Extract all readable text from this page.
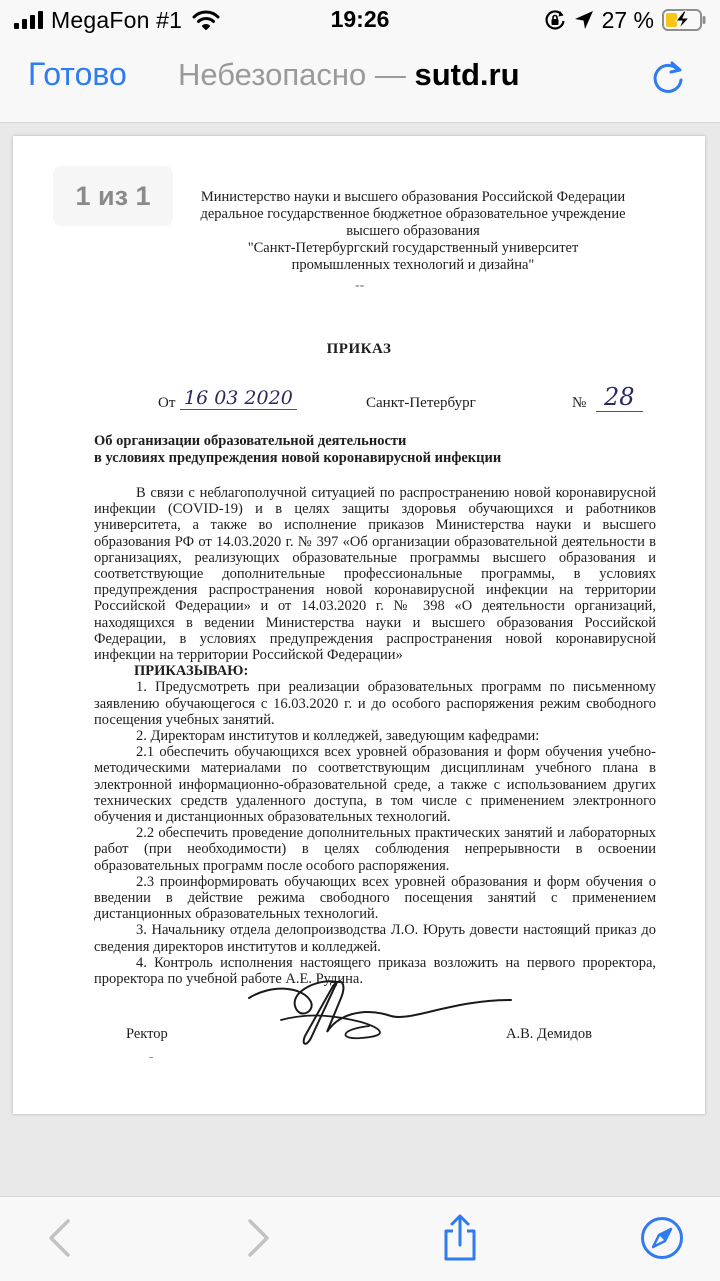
MegaFon #1	19:26	27 %
Готово Небезопасно — sutd.ru
Министерство науки и высшего образования Российской Федерации
деральное государственное бюджетное образовательное учреждение
высшего образования
"Санкт-Петербургский государственный университет
промышленных технологий и дизайна"
--
1 из 1
ПРИКАЗ
От 16 03 2020	Санкт-Петербург	№ 28
Об организации образовательной деятельности
в условиях предупреждения новой коронавирусной инфекции

В связи с неблагополучной ситуацией по распространению новой коронавирусной инфекции (COVID-19) и в целях защиты здоровья обучающихся и работников университета, а также во исполнение приказов Министерства науки и высшего образования РФ от 14.03.2020 г. № 397 «Об организации образовательной деятельности в организациях, реализующих образовательные программы высшего образования и соответствующие дополнительные профессиональные программы, в условиях предупреждения распространения новой коронавирусной инфекции на территории Российской Федерации» и от 14.03.2020 г. № 398 «О деятельности организаций, находящихся в ведении Министерства науки и высшего образования Российской Федерации, в условиях предупреждения распространения новой коронавирусной инфекции на территории Российской Федерации»

ПРИКАЗЫВАЮ:

1. Предусмотреть при реализации образовательных программ по письменному заявлению обучающегося с 16.03.2020 г. и до особого распоряжения режим свободного посещения учебных занятий.

2. Директорам институтов и колледжей, заведующим кафедрами:

2.1 обеспечить обучающихся всех уровней образования и форм обучения учебно-методическими материалами по соответствующим дисциплинам учебного плана в электронной информационно-образовательной среде, а также с использованием других технических средств удаленного доступа, в том числе с применением электронного обучения и дистанционных образовательных технологий.

2.2 обеспечить проведение дополнительных практических занятий и лабораторных работ (при необходимости) в целях соблюдения непрерывности в освоении образовательных программ после особого распоряжения.

2.3 проинформировать обучающих всех уровней образования и форм обучения о введении в действие режима свободного посещения занятий с применением дистанционных образовательных технологий.

3. Начальнику отдела делопроизводства Л.О. Юруть довести настоящий приказ до сведения директоров институтов и колледжей.

4. Контроль исполнения настоящего приказа возложить на первого проректора, проректора по учебной работе А.Е. Рудина.

Ректор	А.В. Демидов
